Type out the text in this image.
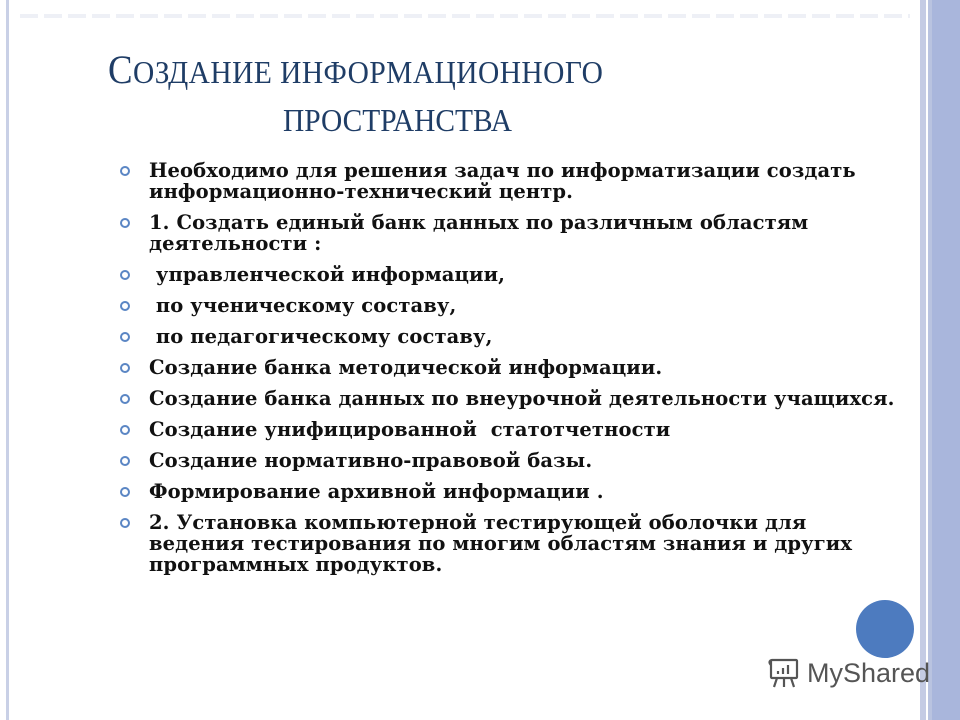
СОЗДАНИЕ ИНФОРМАЦИОННОГО
ПРОСТРАНСТВА
Необходимо для решения задач по информатизации создать информационно-технический центр.
1. Создать единый банк данных по различным областям деятельности :
управленческой информации,
по ученическому составу,
по педагогическому составу,
Создание банка методической информации.
Создание банка данных по внеурочной деятельности учащихся.
Создание унифицированной  статотчетности
Создание нормативно-правовой базы.
Формирование архивной информации .
2. Установка компьютерной тестирующей оболочки для ведения тестирования по многим областям знания и других программных продуктов.
MyShared
